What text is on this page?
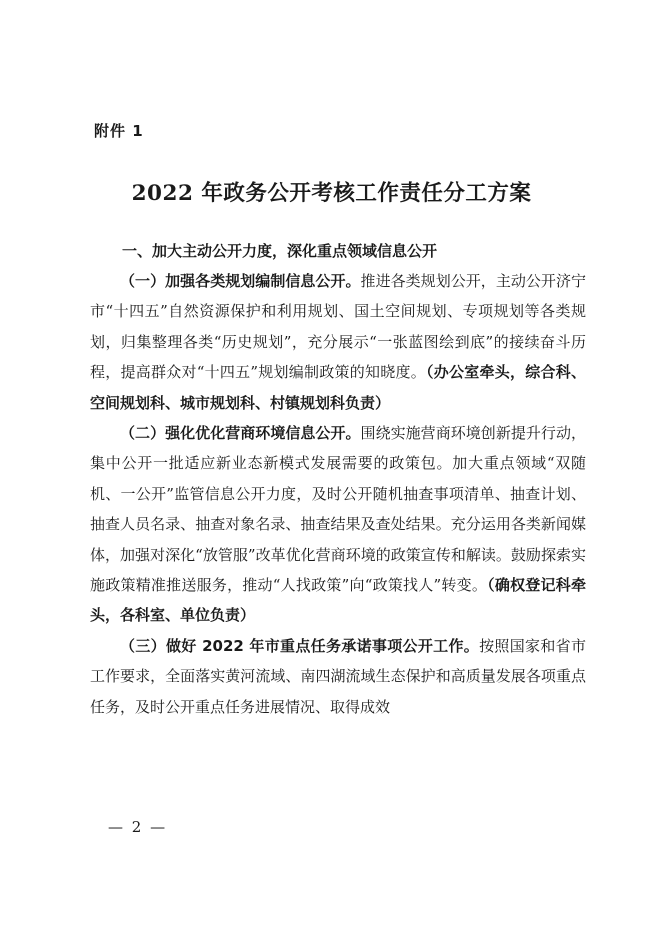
附件 1
2022 年政务公开考核工作责任分工方案

一、加大主动公开力度，深化重点领域信息公开

（一）加强各类规划编制信息公开。推进各类规划公开，主动公开济宁市“十四五”自然资源保护和利用规划、国土空间规划、专项规划等各类规划，归集整理各类“历史规划”，充分展示“一张蓝图绘到底”的接续奋斗历程，提高群众对“十四五”规划编制政策的知晓度。（办公室牵头，综合科、空间规划科、城市规划科、村镇规划科负责）

（二）强化优化营商环境信息公开。围绕实施营商环境创新提升行动，集中公开一批适应新业态新模式发展需要的政策包。加大重点领域“双随机、一公开”监管信息公开力度，及时公开随机抽查事项清单、抽查计划、抽查人员名录、抽查对象名录、抽查结果及查处结果。充分运用各类新闻媒体，加强对深化“放管服”改革优化营商环境的政策宣传和解读。鼓励探索实施政策精准推送服务，推动“人找政策”向“政策找人”转变。（确权登记科牵头，各科室、单位负责）

（三）做好 2022 年市重点任务承诺事项公开工作。按照国家和省市工作要求，全面落实黄河流域、南四湖流域生态保护和高质量发展各项重点任务，及时公开重点任务进展情况、取得成效

— 2 —
